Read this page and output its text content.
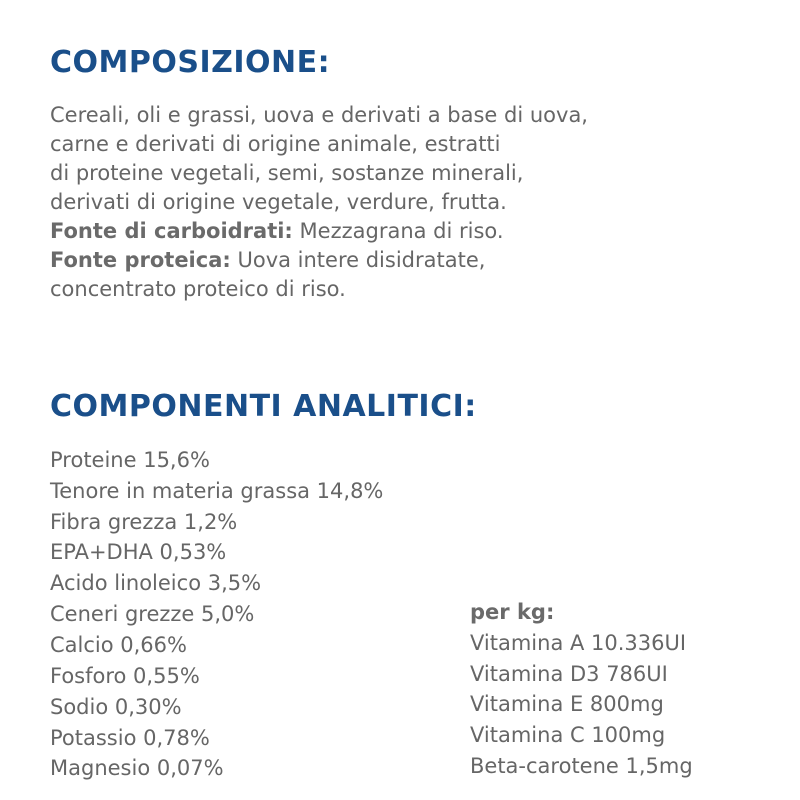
COMPOSIZIONE:

Cereali, oli e grassi, uova e derivati a base di uova,

carne e derivati di origine animale, estratti

di proteine vegetali, semi, sostanze minerali,

derivati di origine vegetale, verdure, frutta.

Fonte di carboidrati: Mezzagrana di riso.

Fonte proteica: Uova intere disidratate,

concentrato proteico di riso.

COMPONENTI ANALITICI:
Proteine 15,6%
Tenore in materia grassa 14,8%
Fibra grezza 1,2%
EPA+DHA 0,53%
Acido linoleico 3,5%
Ceneri grezze 5,0%
Calcio 0,66%
Fosforo 0,55%
Sodio 0,30%
Potassio 0,78%
Magnesio 0,07%
per kg:
Vitamina A 10.336UI
Vitamina D3 786UI
Vitamina E 800mg
Vitamina C 100mg
Beta-carotene 1,5mg
